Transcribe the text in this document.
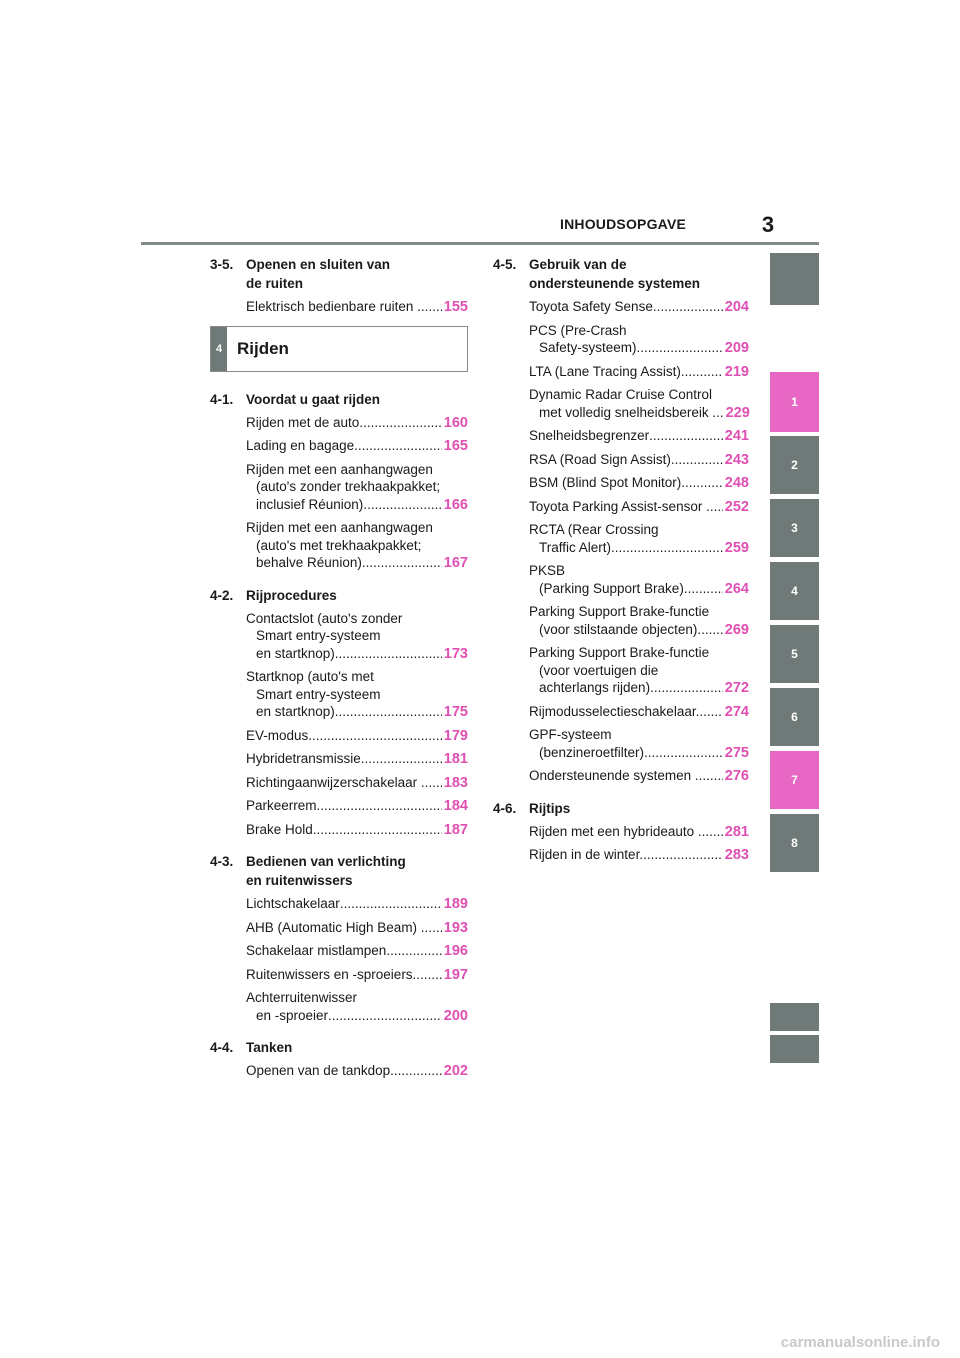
INHOUDSOPGAVE	3
3-5. Openen en sluiten van
de ruiten
Elektrisch bedienbare ruiten .... ..... 155
4 Rijden
4-1. Voordat u gaat rijden
Rijden met de auto .....	160
Lading en bagage .....	165
Rijden met een aanhangwagen
(auto's zonder trekhaakpakket;
inclusief Réunion) .....	166
Rijden met een aanhangwagen
(auto's met trekhaakpakket;
behalve Réunion) .....	167
4-2. Rijprocedures
Contactslot (auto's zonder
Smart entry-systeem
en startknop) .....	173
Startknop (auto's met
Smart entry-systeem
en startknop) .....	175
EV-modus .....	179
Hybridetransmissie .....	181
Richtingaanwijzerschakelaar ... ..... 183
Parkeerrem .....	184
Brake Hold .....	187
4-3. Bedienen van verlichting
en ruitenwissers
Lichtschakelaar .....	189
AHB (Automatic High Beam) ... ..... 193
Schakelaar mistlampen............ ..... 196
Ruitenwissers en -sproeiers..... ..... 197
Achterruitenwisser
en -sproeier .....	200
4-4. Tanken
Openen van de tankdop........... ..... 202
4-5. Gebruik van de
ondersteunende systemen
Toyota Safety Sense .....	204
PCS (Pre-Crash
Safety-systeem) .....	209
LTA (Lane Tracing Assist)......... ..... 219
Dynamic Radar Cruise Control
met volledig snelheidsbereik ... 229
Snelheidsbegrenzer .....	241
RSA (Road Sign Assist) .....	243
BSM (Blind Spot Monitor)......... ..... 248
Toyota Parking Assist-sensor ... ..... 252
RCTA (Rear Crossing
Traffic Alert) .....	259
PKSB
(Parking Support Brake) .....	264
Parking Support Brake-functie
(voor stilstaande objecten)..... ..... 269
Parking Support Brake-functie
(voor voertuigen die
achterlangs rijden) .....	272
Rijmodusselectieschakelaar..... ..... 274
GPF-systeem
(benzineroetfilter) .....	275
Ondersteunende systemen ...... ..... 276
4-6. Rijtips
Rijden met een hybrideauto ..... ..... 281
Rijden in de winter.................... ..... 283
1
2
3
4
5
6
7
8
carmanualsonline.info
